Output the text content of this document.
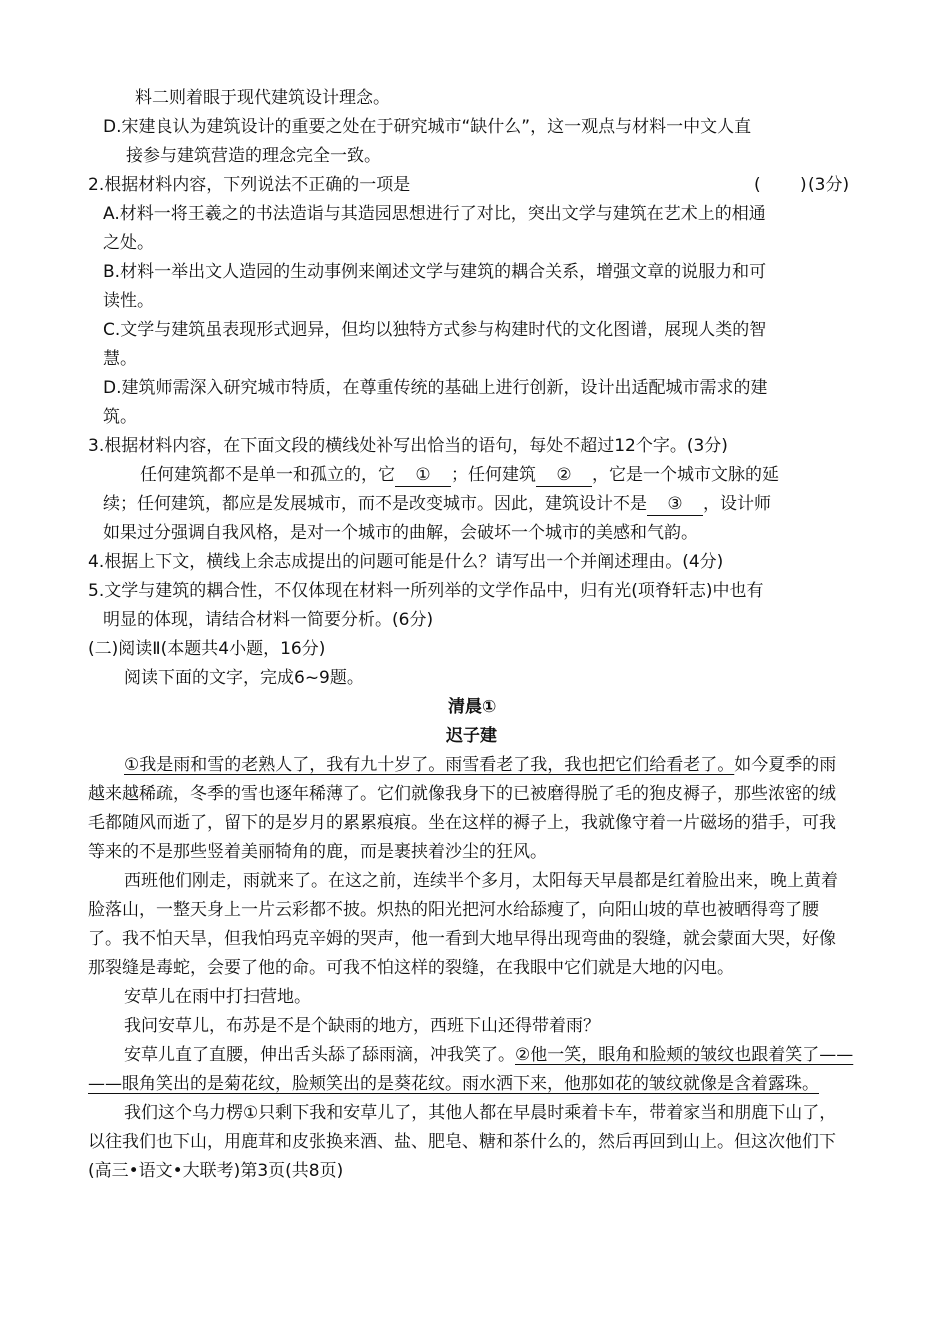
料二则着眼于现代建筑设计理念。
D.宋建良认为建筑设计的重要之处在于研究城市“缺什么”，这一观点与材料一中文人直
接参与建筑营造的理念完全一致。
2.根据材料内容，下列说法不正确的一项是	( ) (3分)
A.材料一将王羲之的书法造诣与其造园思想进行了对比，突出文学与建筑在艺术上的相通
之处。
B.材料一举出文人造园的生动事例来阐述文学与建筑的耦合关系，增强文章的说服力和可
读性。
C.文学与建筑虽表现形式迥异，但均以独特方式参与构建时代的文化图谱，展现人类的智
慧。
D.建筑师需深入研究城市特质，在尊重传统的基础上进行创新，设计出适配城市需求的建
筑。
3.根据材料内容，在下面文段的横线处补写出恰当的语句，每处不超过12个字。(3分)
任何建筑都不是单一和孤立的，它 ① ；任何建筑 ② ，它是一个城市文脉的延
续；任何建筑，都应是发展城市，而不是改变城市。因此，建筑设计不是 ③ ，设计师
如果过分强调自我风格，是对一个城市的曲解，会破坏一个城市的美感和气韵。
4.根据上下文，横线上余志成提出的问题可能是什么？请写出一个并阐述理由。(4分)
5.文学与建筑的耦合性，不仅体现在材料一所列举的文学作品中，归有光(项脊轩志)中也有
明显的体现，请结合材料一简要分析。(6分)
(二)阅读Ⅱ(本题共4小题，16分)
阅读下面的文字，完成6~9题。
清晨①
迟子建
①我是雨和雪的老熟人了，我有九十岁了。雨雪看老了我，我也把它们给看老了。如今夏季的雨
越来越稀疏，冬季的雪也逐年稀薄了。它们就像我身下的已被磨得脱了毛的狍皮褥子，那些浓密的绒
毛都随风而逝了，留下的是岁月的累累痕痕。坐在这样的褥子上，我就像守着一片磁场的猎手，可我
等来的不是那些竖着美丽犄角的鹿，而是裹挟着沙尘的狂风。
西班他们刚走，雨就来了。在这之前，连续半个多月，太阳每天早晨都是红着脸出来，晚上黄着
脸落山，一整天身上一片云彩都不披。炽热的阳光把河水给舔瘦了，向阳山坡的草也被晒得弯了腰
了。我不怕天旱，但我怕玛克辛姆的哭声，他一看到大地早得出现弯曲的裂缝，就会蒙面大哭，好像
那裂缝是毒蛇，会要了他的命。可我不怕这样的裂缝，在我眼中它们就是大地的闪电。
安草儿在雨中打扫营地。
我问安草儿，布苏是不是个缺雨的地方，西班下山还得带着雨？
安草儿直了直腰，伸出舌头舔了舔雨滴，冲我笑了。②他一笑，眼角和脸颊的皱纹也跟着笑了——
——眼角笑出的是菊花纹，脸颊笑出的是葵花纹。雨水洒下来，他那如花的皱纹就像是含着露珠。
我们这个乌力楞①只剩下我和安草儿了，其他人都在早晨时乘着卡车，带着家当和朋鹿下山了，
以往我们也下山，用鹿茸和皮张换来酒、盐、肥皂、糖和茶什么的，然后再回到山上。但这次他们下
(高三•语文•大联考)第3页(共8页)
